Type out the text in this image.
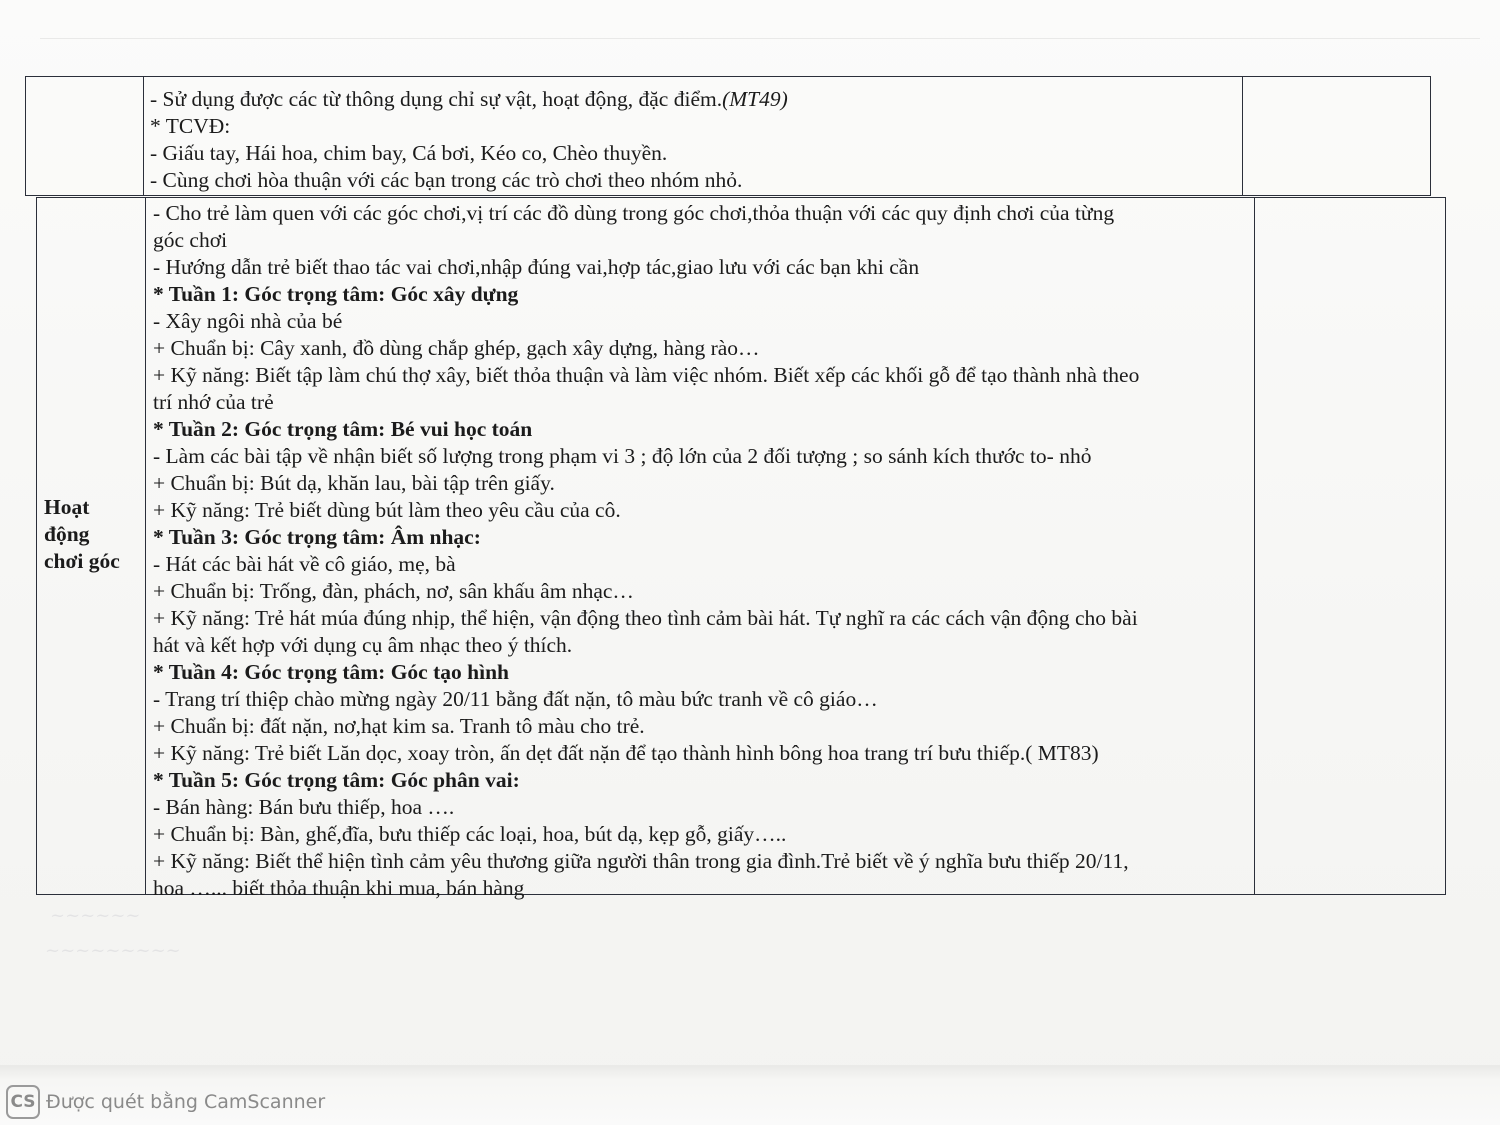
- Sử dụng được các từ thông dụng chỉ sự vật, hoạt động, đặc điểm.(MT49)
* TCVĐ:
- Giấu tay, Hái hoa, chim bay, Cá bơi, Kéo co, Chèo thuyền.
- Cùng chơi hòa thuận với các bạn trong các trò chơi theo nhóm nhỏ.
Hoạt
động
chơi góc
- Cho trẻ làm quen với các góc chơi,vị trí các đồ dùng trong góc chơi,thỏa thuận với các quy định chơi của từng
góc chơi
- Hướng dẫn trẻ biết thao tác vai chơi,nhập đúng vai,hợp tác,giao lưu với các bạn khi cần
* Tuần 1: Góc trọng tâm: Góc xây dựng
- Xây ngôi nhà của bé
+ Chuẩn bị: Cây xanh, đồ dùng chắp ghép, gạch xây dựng, hàng rào…
+ Kỹ năng: Biết tập làm chú thợ xây, biết thỏa thuận và làm việc nhóm. Biết xếp các khối gỗ để tạo thành nhà theo
trí nhớ của trẻ
* Tuần 2: Góc trọng tâm: Bé vui học toán
- Làm các bài tập về nhận biết số lượng trong phạm vi 3 ; độ lớn của 2 đối tượng ; so sánh kích thước to- nhỏ
+ Chuẩn bị: Bút dạ, khăn lau, bài tập trên giấy.
+ Kỹ năng: Trẻ biết dùng bút làm theo yêu cầu của cô.
* Tuần 3: Góc trọng tâm: Âm nhạc:
- Hát các bài hát về cô giáo, mẹ, bà
+ Chuẩn bị: Trống, đàn, phách, nơ, sân khấu âm nhạc…
+ Kỹ năng: Trẻ hát múa đúng nhịp, thể hiện, vận động theo tình cảm bài hát. Tự nghĩ ra các cách vận động cho bài
hát và kết hợp với dụng cụ âm nhạc theo ý thích.
* Tuần 4: Góc trọng tâm: Góc tạo hình
- Trang trí thiệp chào mừng ngày 20/11 bằng đất nặn, tô màu bức tranh về cô giáo…
+ Chuẩn bị: đất nặn, nơ,hạt kim sa. Tranh tô màu cho trẻ.
+ Kỹ năng: Trẻ biết Lăn dọc, xoay tròn, ấn dẹt đất nặn để tạo thành hình bông hoa trang trí bưu thiếp.( MT83)
* Tuần 5: Góc trọng tâm: Góc phân vai:
- Bán hàng: Bán bưu thiếp, hoa ….
+ Chuẩn bị: Bàn, ghế,đĩa, bưu thiếp các loại, hoa, bút dạ, kẹp gỗ, giấy…..
+ Kỹ năng: Biết thể hiện tình cảm yêu thương giữa người thân trong gia đình.Trẻ biết về ý nghĩa bưu thiếp 20/11,
hoa …... biết thỏa thuận khi mua, bán hàng
~~~~~~
~~~~~~~~~
CS Được quét bằng CamScanner
